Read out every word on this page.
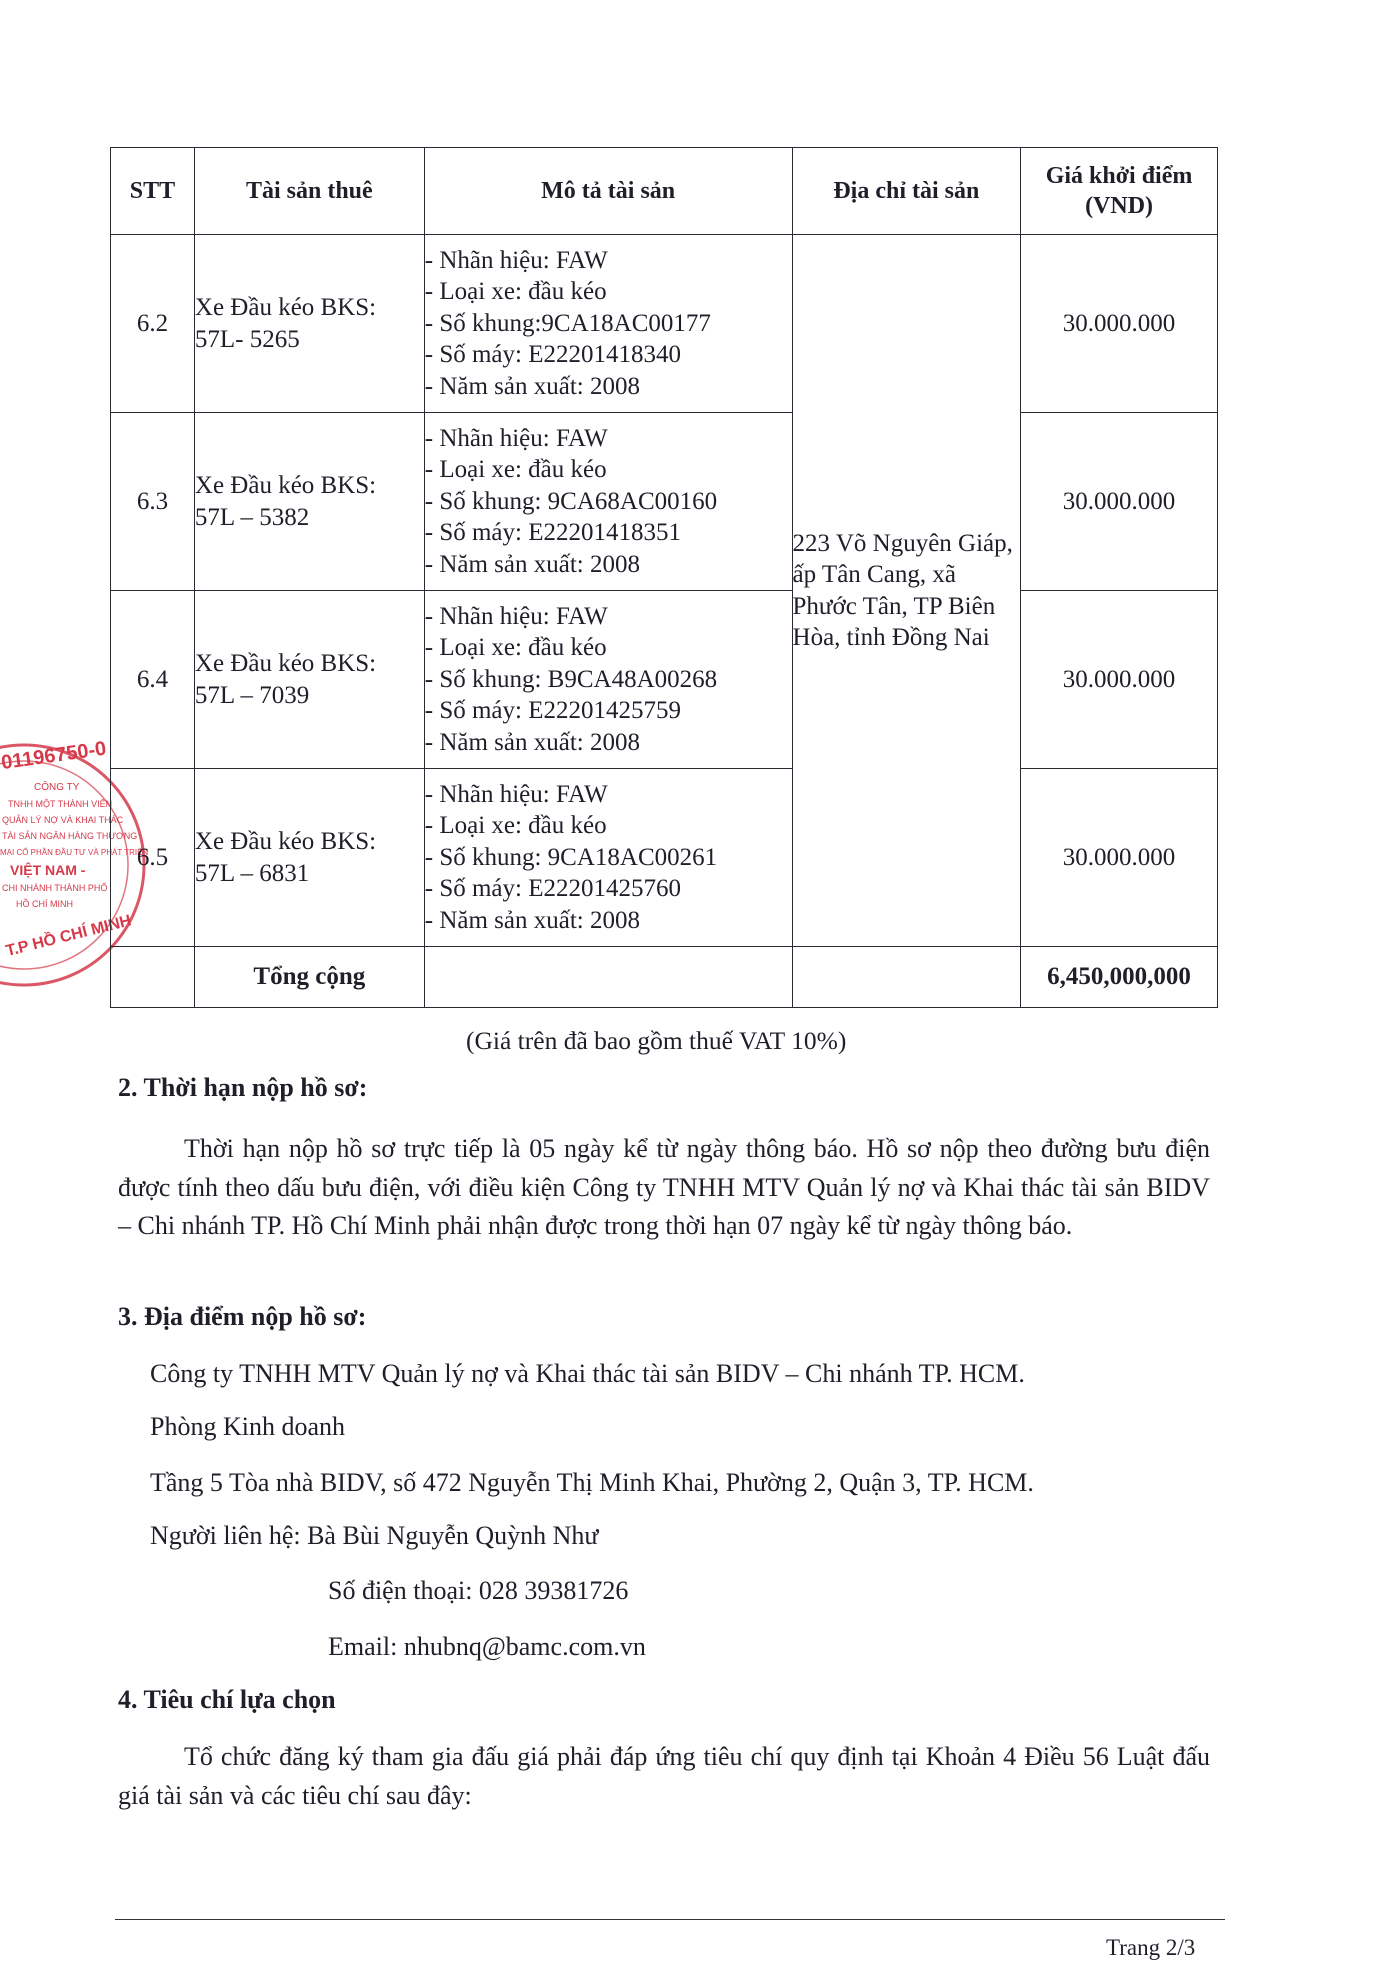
01196750-0
CÔNG TY
TNHH MỘT THÀNH VIÊN
QUẢN LÝ NỢ VÀ KHAI THÁC
TÀI SẢN NGÂN HÀNG THƯƠNG
MẠI CỔ PHẦN ĐẦU TƯ VÀ PHÁT TRIỂN
VIỆT NAM -
CHI NHÁNH THÀNH PHỐ
HỒ CHÍ MINH
T.P HỒ CHÍ MINH
STT	Tài sản thuê	Mô tả tài sản	Địa chỉ tài sản	Giá khởi điểm
(VND)

6.2	Xe Đầu kéo BKS:
57L- 5265	- Nhãn hiệu: FAW
- Loại xe: đầu kéo
- Số khung:9CA18AC00177
- Số máy: E22201418340
- Năm sản xuất: 2008	223 Võ Nguyên Giáp, ấp Tân Cang, xã Phước Tân, TP Biên Hòa, tỉnh Đồng Nai	30.000.000
6.3	Xe Đầu kéo BKS:
57L – 5382	- Nhãn hiệu: FAW
- Loại xe: đầu kéo
- Số khung: 9CA68AC00160
- Số máy: E22201418351
- Năm sản xuất: 2008		30.000.000
6.4	Xe Đầu kéo BKS:
57L – 7039	- Nhãn hiệu: FAW
- Loại xe: đầu kéo
- Số khung: B9CA48A00268
- Số máy: E22201425759
- Năm sản xuất: 2008		30.000.000
6.5	Xe Đầu kéo BKS:
57L – 6831	- Nhãn hiệu: FAW
- Loại xe: đầu kéo
- Số khung: 9CA18AC00261
- Số máy: E22201425760
- Năm sản xuất: 2008		30.000.000
	Tổng cộng			6,450,000,000
(Giá trên đã bao gồm thuế VAT 10%)
2. Thời hạn nộp hồ sơ:
Thời hạn nộp hồ sơ trực tiếp là 05 ngày kể từ ngày thông báo. Hồ sơ nộp theo đường bưu điện được tính theo dấu bưu điện, với điều kiện Công ty TNHH MTV Quản lý nợ và Khai thác tài sản BIDV – Chi nhánh TP. Hồ Chí Minh phải nhận được trong thời hạn 07 ngày kể từ ngày thông báo.
3. Địa điểm nộp hồ sơ:
Công ty TNHH MTV Quản lý nợ và Khai thác tài sản BIDV – Chi nhánh TP. HCM.
Phòng Kinh doanh
Tầng 5 Tòa nhà BIDV, số 472 Nguyễn Thị Minh Khai, Phường 2, Quận 3, TP. HCM.
Người liên hệ: Bà Bùi Nguyễn Quỳnh Như
Số điện thoại: 028 39381726
Email: nhubnq@bamc.com.vn
4. Tiêu chí lựa chọn
Tổ chức đăng ký tham gia đấu giá phải đáp ứng tiêu chí quy định tại Khoản 4 Điều 56 Luật đấu giá tài sản và các tiêu chí sau đây:
Trang 2/3
